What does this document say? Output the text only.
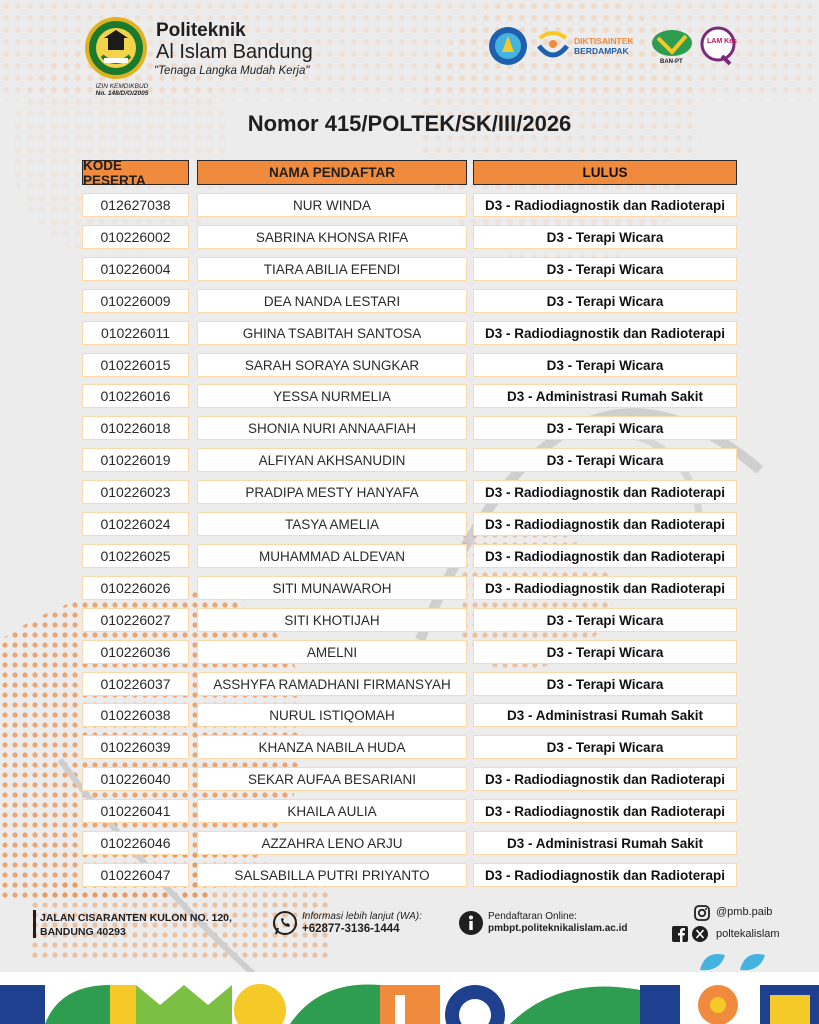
Politeknik
Al Islam Bandung
"Tenaga Langka Mudah Kerja"
IZIN KEMDIKBUD
No. 148/D/O/2005
DIKTISAINTEK
BERDAMPAK
BAN-PT
LAM Kes
Nomor 415/POLTEK/SK/III/2026
KODE PESERTA	NAMA PENDAFTAR	LULUS
012627038	NUR WINDA	D3 - Radiodiagnostik dan Radioterapi
010226002	SABRINA KHONSA RIFA	D3 - Terapi Wicara
010226004	TIARA ABILIA EFENDI	D3 - Terapi Wicara
010226009	DEA NANDA LESTARI	D3 - Terapi Wicara
010226011	GHINA TSABITAH SANTOSA	D3 - Radiodiagnostik dan Radioterapi
010226015	SARAH SORAYA SUNGKAR	D3 - Terapi Wicara
010226016	YESSA NURMELIA	D3 - Administrasi Rumah Sakit
010226018	SHONIA NURI ANNAAFIAH	D3 - Terapi Wicara
010226019	ALFIYAN AKHSANUDIN	D3 - Terapi Wicara
010226023	PRADIPA MESTY HANYAFA	D3 - Radiodiagnostik dan Radioterapi
010226024	TASYA AMELIA	D3 - Radiodiagnostik dan Radioterapi
010226025	MUHAMMAD ALDEVAN	D3 - Radiodiagnostik dan Radioterapi
010226026	SITI MUNAWAROH	D3 - Radiodiagnostik dan Radioterapi
010226027	SITI KHOTIJAH	D3 - Terapi Wicara
010226036	AMELNI	D3 - Terapi Wicara
010226037	ASSHYFA RAMADHANI FIRMANSYAH	D3 - Terapi Wicara
010226038	NURUL ISTIQOMAH	D3 - Administrasi Rumah Sakit
010226039	KHANZA NABILA HUDA	D3 - Terapi Wicara
010226040	SEKAR AUFAA BESARIANI	D3 - Radiodiagnostik dan Radioterapi
010226041	KHAILA AULIA	D3 - Radiodiagnostik dan Radioterapi
010226046	AZZAHRA LENO ARJU	D3 - Administrasi Rumah Sakit
010226047	SALSABILLA PUTRI PRIYANTO	D3 - Radiodiagnostik dan Radioterapi
JALAN CISARANTEN KULON NO. 120,
BANDUNG 40293
Informasi lebih lanjut (WA):
+62877-3136-1444
Pendaftaran Online:
pmbpt.politeknikalislam.ac.id
@pmb.paib
poltekalislam
